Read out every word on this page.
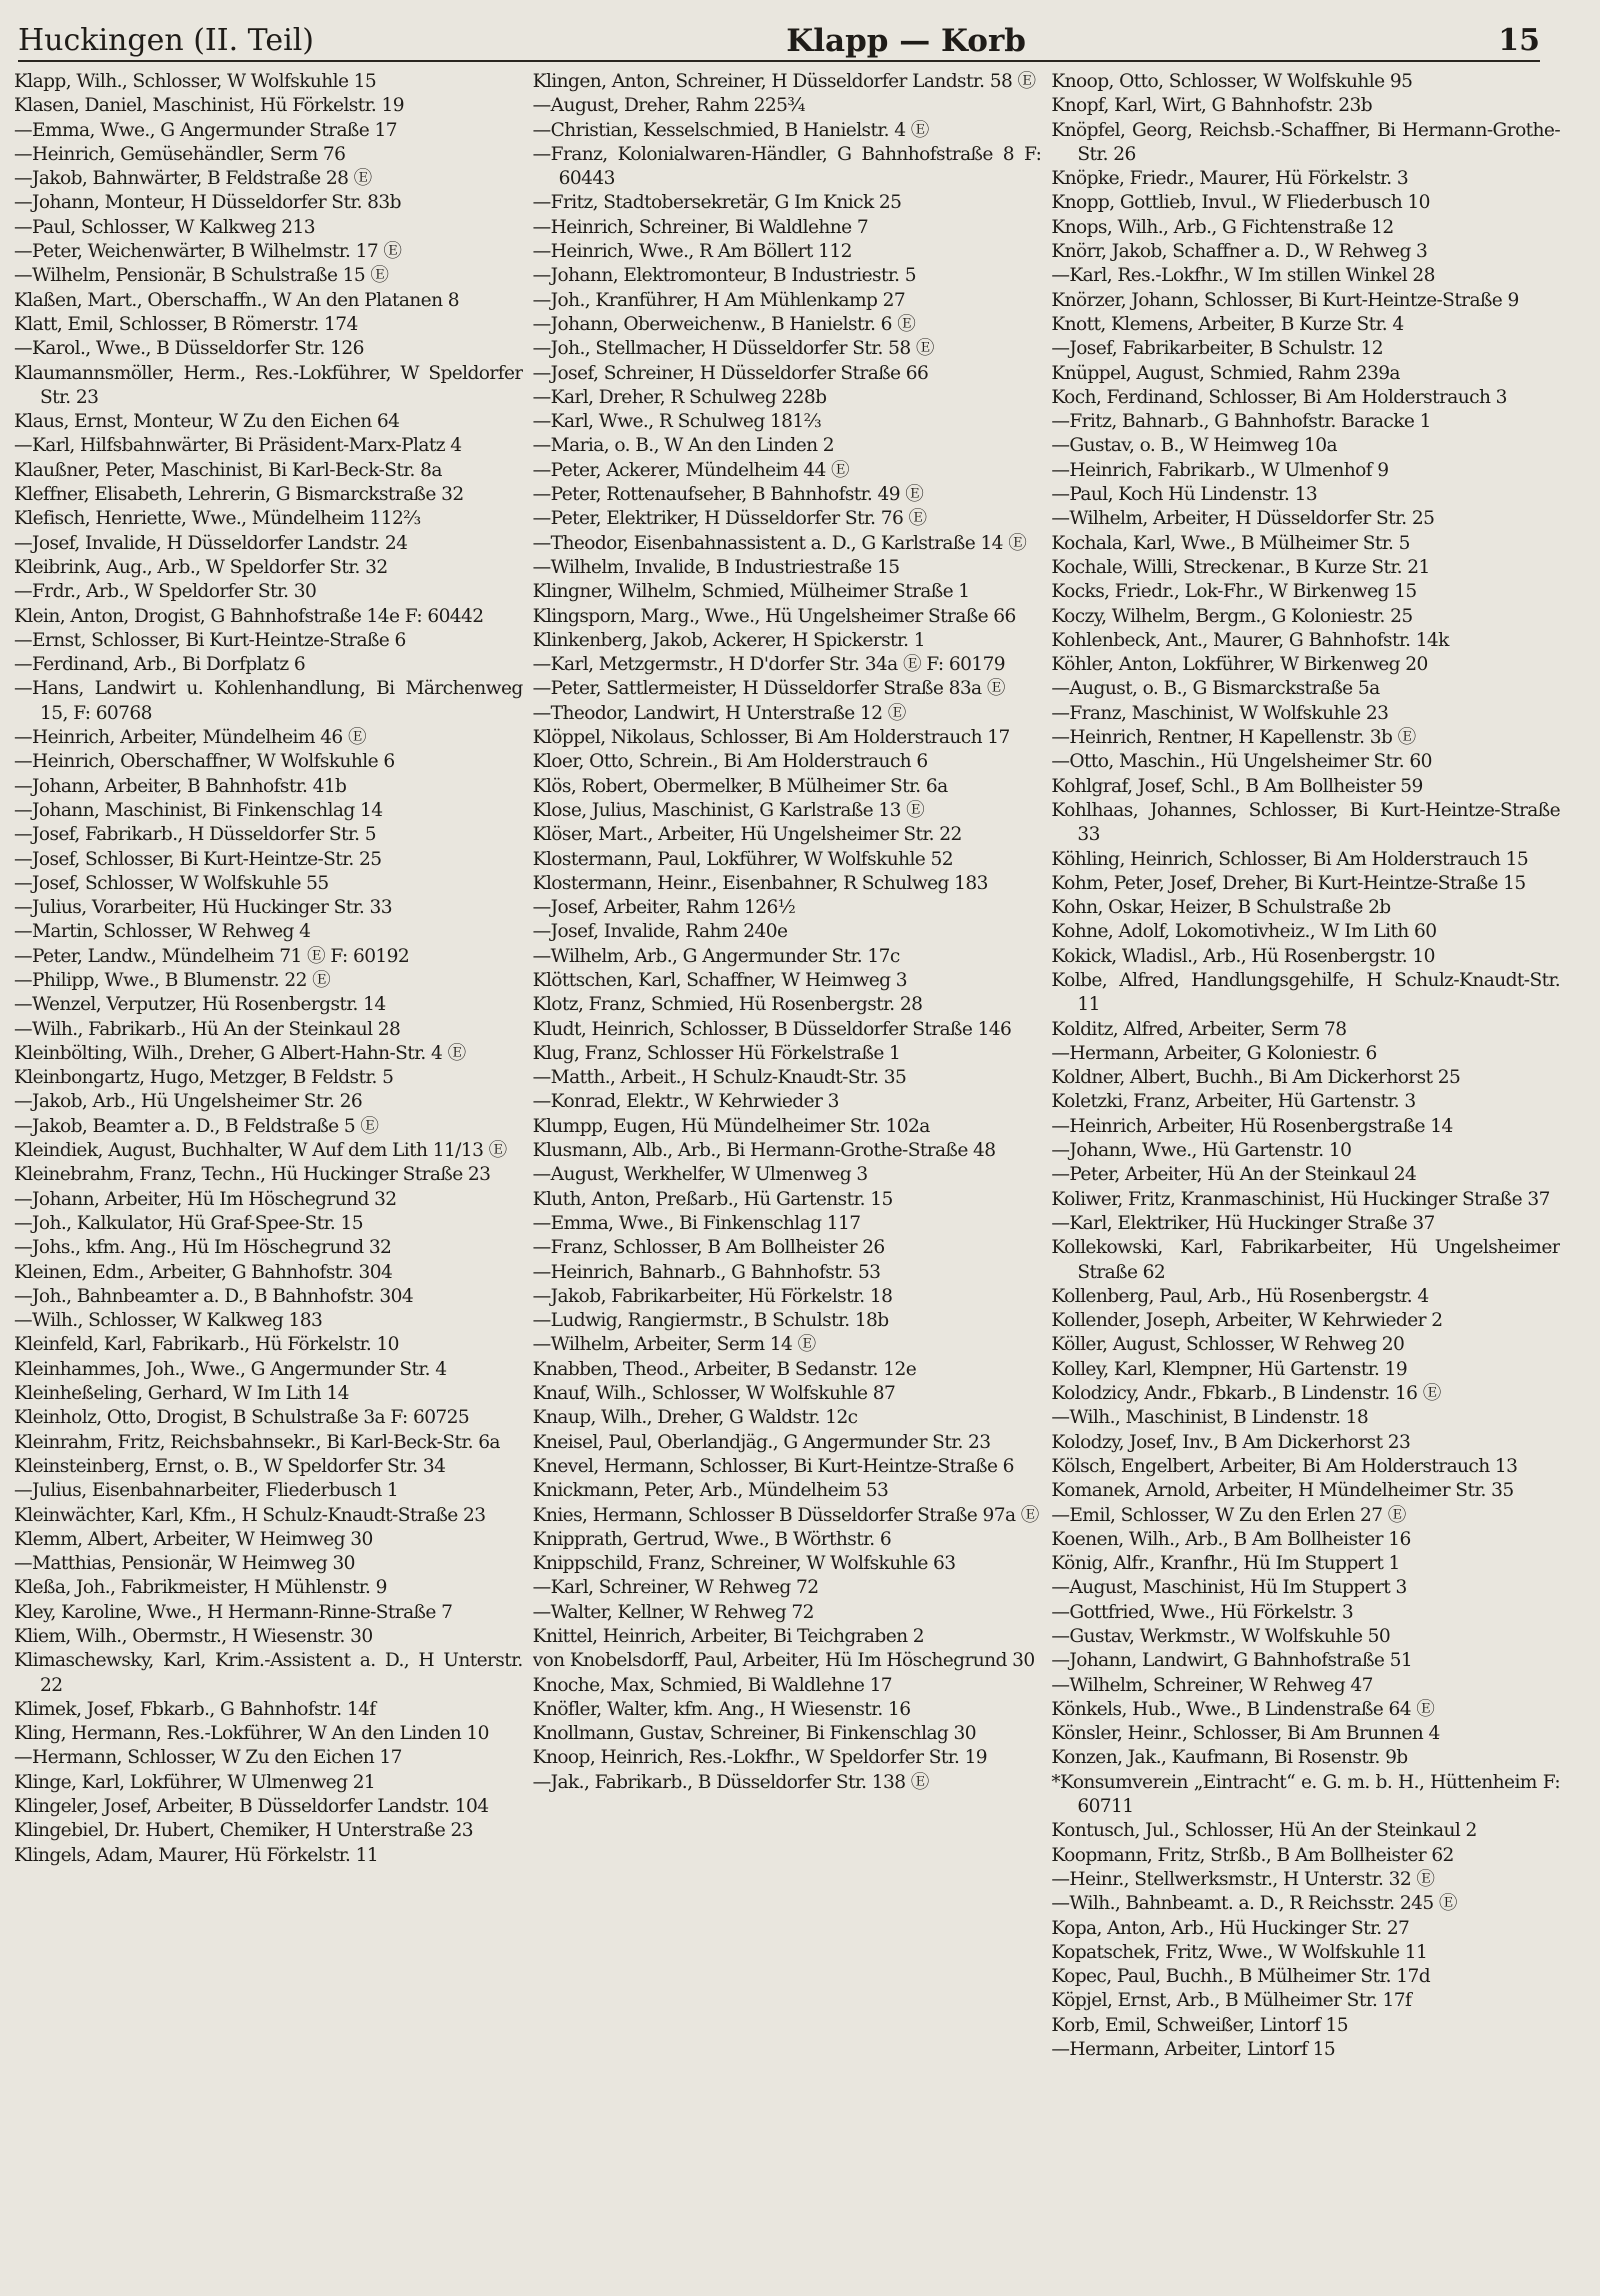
Huckingen (II. Teil)	Klapp — Korb	15

Klapp, Wilh., Schlosser, W Wolfskuhle 15

Klasen, Daniel, Maschinist, Hü Förkelstr. 19

—Emma, Wwe., G Angermunder Straße 17

—Heinrich, Gemüsehändler, Serm 76

—Jakob, Bahnwärter, B Feldstraße 28 Ⓔ

—Johann, Monteur, H Düsseldorfer Str. 83b

—Paul, Schlosser, W Kalkweg 213

—Peter, Weichenwärter, B Wilhelmstr. 17 Ⓔ

—Wilhelm, Pensionär, B Schulstraße 15 Ⓔ

Klaßen, Mart., Oberschaffn., W An den Platanen 8

Klatt, Emil, Schlosser, B Römerstr. 174

—Karol., Wwe., B Düsseldorfer Str. 126

Klaumannsmöller, Herm., Res.-Lokführer, W Speldorfer Str. 23

Klaus, Ernst, Monteur, W Zu den Eichen 64

—Karl, Hilfsbahnwärter, Bi Präsident-Marx-Platz 4

Klaußner, Peter, Maschinist, Bi Karl-Beck-Str. 8a

Kleffner, Elisabeth, Lehrerin, G Bismarckstraße 32

Klefisch, Henriette, Wwe., Mündelheim 112⅔

—Josef, Invalide, H Düsseldorfer Landstr. 24

Kleibrink, Aug., Arb., W Speldorfer Str. 32

—Frdr., Arb., W Speldorfer Str. 30

Klein, Anton, Drogist, G Bahnhofstraße 14e F: 60442

—Ernst, Schlosser, Bi Kurt-Heintze-Straße 6

—Ferdinand, Arb., Bi Dorfplatz 6

—Hans, Landwirt u. Kohlenhandlung, Bi Märchenweg 15, F: 60768

—Heinrich, Arbeiter, Mündelheim 46 Ⓔ

—Heinrich, Oberschaffner, W Wolfskuhle 6

—Johann, Arbeiter, B Bahnhofstr. 41b

—Johann, Maschinist, Bi Finkenschlag 14

—Josef, Fabrikarb., H Düsseldorfer Str. 5

—Josef, Schlosser, Bi Kurt-Heintze-Str. 25

—Josef, Schlosser, W Wolfskuhle 55

—Julius, Vorarbeiter, Hü Huckinger Str. 33

—Martin, Schlosser, W Rehweg 4

—Peter, Landw., Mündelheim 71 Ⓔ F: 60192

—Philipp, Wwe., B Blumenstr. 22 Ⓔ

—Wenzel, Verputzer, Hü Rosenbergstr. 14

—Wilh., Fabrikarb., Hü An der Steinkaul 28

Kleinbölting, Wilh., Dreher, G Albert-Hahn-Str. 4 Ⓔ

Kleinbongartz, Hugo, Metzger, B Feldstr. 5

—Jakob, Arb., Hü Ungelsheimer Str. 26

—Jakob, Beamter a. D., B Feldstraße 5 Ⓔ

Kleindiek, August, Buchhalter, W Auf dem Lith 11/13 Ⓔ

Kleinebrahm, Franz, Techn., Hü Huckinger Straße 23

—Johann, Arbeiter, Hü Im Höschegrund 32

—Joh., Kalkulator, Hü Graf-Spee-Str. 15

—Johs., kfm. Ang., Hü Im Höschegrund 32

Kleinen, Edm., Arbeiter, G Bahnhofstr. 304

—Joh., Bahnbeamter a. D., B Bahnhofstr. 304

—Wilh., Schlosser, W Kalkweg 183

Kleinfeld, Karl, Fabrikarb., Hü Förkelstr. 10

Kleinhammes, Joh., Wwe., G Angermunder Str. 4

Kleinheßeling, Gerhard, W Im Lith 14

Kleinholz, Otto, Drogist, B Schulstraße 3a F: 60725

Kleinrahm, Fritz, Reichsbahnsekr., Bi Karl-Beck-Str. 6a

Kleinsteinberg, Ernst, o. B., W Speldorfer Str. 34

—Julius, Eisenbahnarbeiter, Fliederbusch 1

Kleinwächter, Karl, Kfm., H Schulz-Knaudt-Straße 23

Klemm, Albert, Arbeiter, W Heimweg 30

—Matthias, Pensionär, W Heimweg 30

Kleßa, Joh., Fabrikmeister, H Mühlenstr. 9

Kley, Karoline, Wwe., H Hermann-Rinne-Straße 7

Kliem, Wilh., Obermstr., H Wiesenstr. 30

Klimaschewsky, Karl, Krim.-Assistent a. D., H Unterstr. 22

Klimek, Josef, Fbkarb., G Bahnhofstr. 14f

Kling, Hermann, Res.-Lokführer, W An den Linden 10

—Hermann, Schlosser, W Zu den Eichen 17

Klinge, Karl, Lokführer, W Ulmenweg 21

Klingeler, Josef, Arbeiter, B Düsseldorfer Landstr. 104

Klingebiel, Dr. Hubert, Chemiker, H Unterstraße 23

Klingels, Adam, Maurer, Hü Förkelstr. 11

Klingen, Anton, Schreiner, H Düsseldorfer Landstr. 58 Ⓔ

—August, Dreher, Rahm 225¾

—Christian, Kesselschmied, B Hanielstr. 4 Ⓔ

—Franz, Kolonialwaren-Händler, G Bahnhofstraße 8 F: 60443

—Fritz, Stadtobersekretär, G Im Knick 25

—Heinrich, Schreiner, Bi Waldlehne 7

—Heinrich, Wwe., R Am Böllert 112

—Johann, Elektromonteur, B Industriestr. 5

—Joh., Kranführer, H Am Mühlenkamp 27

—Johann, Oberweichenw., B Hanielstr. 6 Ⓔ

—Joh., Stellmacher, H Düsseldorfer Str. 58 Ⓔ

—Josef, Schreiner, H Düsseldorfer Straße 66

—Karl, Dreher, R Schulweg 228b

—Karl, Wwe., R Schulweg 181⅔

—Maria, o. B., W An den Linden 2

—Peter, Ackerer, Mündelheim 44 Ⓔ

—Peter, Rottenaufseher, B Bahnhofstr. 49 Ⓔ

—Peter, Elektriker, H Düsseldorfer Str. 76 Ⓔ

—Theodor, Eisenbahnassistent a. D., G Karlstraße 14 Ⓔ

—Wilhelm, Invalide, B Industriestraße 15

Klingner, Wilhelm, Schmied, Mülheimer Straße 1

Klingsporn, Marg., Wwe., Hü Ungelsheimer Straße 66

Klinkenberg, Jakob, Ackerer, H Spickerstr. 1

—Karl, Metzgermstr., H D'dorfer Str. 34a Ⓔ F: 60179

—Peter, Sattlermeister, H Düsseldorfer Straße 83a Ⓔ

—Theodor, Landwirt, H Unterstraße 12 Ⓔ

Klöppel, Nikolaus, Schlosser, Bi Am Holderstrauch 17

Kloer, Otto, Schrein., Bi Am Holderstrauch 6

Klös, Robert, Obermelker, B Mülheimer Str. 6a

Klose, Julius, Maschinist, G Karlstraße 13 Ⓔ

Klöser, Mart., Arbeiter, Hü Ungelsheimer Str. 22

Klostermann, Paul, Lokführer, W Wolfskuhle 52

Klostermann, Heinr., Eisenbahner, R Schulweg 183

—Josef, Arbeiter, Rahm 126½

—Josef, Invalide, Rahm 240e

—Wilhelm, Arb., G Angermunder Str. 17c

Klöttschen, Karl, Schaffner, W Heimweg 3

Klotz, Franz, Schmied, Hü Rosenbergstr. 28

Kludt, Heinrich, Schlosser, B Düsseldorfer Straße 146

Klug, Franz, Schlosser Hü Förkelstraße 1

—Matth., Arbeit., H Schulz-Knaudt-Str. 35

—Konrad, Elektr., W Kehrwieder 3

Klumpp, Eugen, Hü Mündelheimer Str. 102a

Klusmann, Alb., Arb., Bi Hermann-Grothe-Straße 48

—August, Werkhelfer, W Ulmenweg 3

Kluth, Anton, Preßarb., Hü Gartenstr. 15

—Emma, Wwe., Bi Finkenschlag 117

—Franz, Schlosser, B Am Bollheister 26

—Heinrich, Bahnarb., G Bahnhofstr. 53

—Jakob, Fabrikarbeiter, Hü Förkelstr. 18

—Ludwig, Rangiermstr., B Schulstr. 18b

—Wilhelm, Arbeiter, Serm 14 Ⓔ

Knabben, Theod., Arbeiter, B Sedanstr. 12e

Knauf, Wilh., Schlosser, W Wolfskuhle 87

Knaup, Wilh., Dreher, G Waldstr. 12c

Kneisel, Paul, Oberlandjäg., G Angermunder Str. 23

Knevel, Hermann, Schlosser, Bi Kurt-Heintze-Straße 6

Knickmann, Peter, Arb., Mündelheim 53

Knies, Hermann, Schlosser B Düsseldorfer Straße 97a Ⓔ

Knipprath, Gertrud, Wwe., B Wörthstr. 6

Knippschild, Franz, Schreiner, W Wolfskuhle 63

—Karl, Schreiner, W Rehweg 72

—Walter, Kellner, W Rehweg 72

Knittel, Heinrich, Arbeiter, Bi Teichgraben 2

von Knobelsdorff, Paul, Arbeiter, Hü Im Höschegrund 30

Knoche, Max, Schmied, Bi Waldlehne 17

Knöfler, Walter, kfm. Ang., H Wiesenstr. 16

Knollmann, Gustav, Schreiner, Bi Finkenschlag 30

Knoop, Heinrich, Res.-Lokfhr., W Speldorfer Str. 19

—Jak., Fabrikarb., B Düsseldorfer Str. 138 Ⓔ

Knoop, Otto, Schlosser, W Wolfskuhle 95

Knopf, Karl, Wirt, G Bahnhofstr. 23b

Knöpfel, Georg, Reichsb.-Schaffner, Bi Hermann-Grothe-Str. 26

Knöpke, Friedr., Maurer, Hü Förkelstr. 3

Knopp, Gottlieb, Invul., W Fliederbusch 10

Knops, Wilh., Arb., G Fichtenstraße 12

Knörr, Jakob, Schaffner a. D., W Rehweg 3

—Karl, Res.-Lokfhr., W Im stillen Winkel 28

Knörzer, Johann, Schlosser, Bi Kurt-Heintze-Straße 9

Knott, Klemens, Arbeiter, B Kurze Str. 4

—Josef, Fabrikarbeiter, B Schulstr. 12

Knüppel, August, Schmied, Rahm 239a

Koch, Ferdinand, Schlosser, Bi Am Holderstrauch 3

—Fritz, Bahnarb., G Bahnhofstr. Baracke 1

—Gustav, o. B., W Heimweg 10a

—Heinrich, Fabrikarb., W Ulmenhof 9

—Paul, Koch Hü Lindenstr. 13

—Wilhelm, Arbeiter, H Düsseldorfer Str. 25

Kochala, Karl, Wwe., B Mülheimer Str. 5

Kochale, Willi, Streckenar., B Kurze Str. 21

Kocks, Friedr., Lok-Fhr., W Birkenweg 15

Koczy, Wilhelm, Bergm., G Koloniestr. 25

Kohlenbeck, Ant., Maurer, G Bahnhofstr. 14k

Köhler, Anton, Lokführer, W Birkenweg 20

—August, o. B., G Bismarckstraße 5a

—Franz, Maschinist, W Wolfskuhle 23

—Heinrich, Rentner, H Kapellenstr. 3b Ⓔ

—Otto, Maschin., Hü Ungelsheimer Str. 60

Kohlgraf, Josef, Schl., B Am Bollheister 59

Kohlhaas, Johannes, Schlosser, Bi Kurt-Heintze-Straße 33

Köhling, Heinrich, Schlosser, Bi Am Holderstrauch 15

Kohm, Peter, Josef, Dreher, Bi Kurt-Heintze-Straße 15

Kohn, Oskar, Heizer, B Schulstraße 2b

Kohne, Adolf, Lokomotivheiz., W Im Lith 60

Kokick, Wladisl., Arb., Hü Rosenbergstr. 10

Kolbe, Alfred, Handlungsgehilfe, H Schulz-Knaudt-Str. 11

Kolditz, Alfred, Arbeiter, Serm 78

—Hermann, Arbeiter, G Koloniestr. 6

Koldner, Albert, Buchh., Bi Am Dickerhorst 25

Koletzki, Franz, Arbeiter, Hü Gartenstr. 3

—Heinrich, Arbeiter, Hü Rosenbergstraße 14

—Johann, Wwe., Hü Gartenstr. 10

—Peter, Arbeiter, Hü An der Steinkaul 24

Koliwer, Fritz, Kranmaschinist, Hü Huckinger Straße 37

—Karl, Elektriker, Hü Huckinger Straße 37

Kollekowski, Karl, Fabrikarbeiter, Hü Ungelsheimer Straße 62

Kollenberg, Paul, Arb., Hü Rosenbergstr. 4

Kollender, Joseph, Arbeiter, W Kehrwieder 2

Köller, August, Schlosser, W Rehweg 20

Kolley, Karl, Klempner, Hü Gartenstr. 19

Kolodzicy, Andr., Fbkarb., B Lindenstr. 16 Ⓔ

—Wilh., Maschinist, B Lindenstr. 18

Kolodzy, Josef, Inv., B Am Dickerhorst 23

Kölsch, Engelbert, Arbeiter, Bi Am Holderstrauch 13

Komanek, Arnold, Arbeiter, H Mündelheimer Str. 35

—Emil, Schlosser, W Zu den Erlen 27 Ⓔ

Koenen, Wilh., Arb., B Am Bollheister 16

König, Alfr., Kranfhr., Hü Im Stuppert 1

—August, Maschinist, Hü Im Stuppert 3

—Gottfried, Wwe., Hü Förkelstr. 3

—Gustav, Werkmstr., W Wolfskuhle 50

—Johann, Landwirt, G Bahnhofstraße 51

—Wilhelm, Schreiner, W Rehweg 47

Könkels, Hub., Wwe., B Lindenstraße 64 Ⓔ

Könsler, Heinr., Schlosser, Bi Am Brunnen 4

Konzen, Jak., Kaufmann, Bi Rosenstr. 9b

*Konsumverein „Eintracht“ e. G. m. b. H., Hüttenheim F: 60711

Kontusch, Jul., Schlosser, Hü An der Steinkaul 2

Koopmann, Fritz, Strßb., B Am Bollheister 62

—Heinr., Stellwerksmstr., H Unterstr. 32 Ⓔ

—Wilh., Bahnbeamt. a. D., R Reichsstr. 245 Ⓔ

Kopa, Anton, Arb., Hü Huckinger Str. 27

Kopatschek, Fritz, Wwe., W Wolfskuhle 11

Kopec, Paul, Buchh., B Mülheimer Str. 17d

Köpjel, Ernst, Arb., B Mülheimer Str. 17f

Korb, Emil, Schweißer, Lintorf 15

—Hermann, Arbeiter, Lintorf 15
